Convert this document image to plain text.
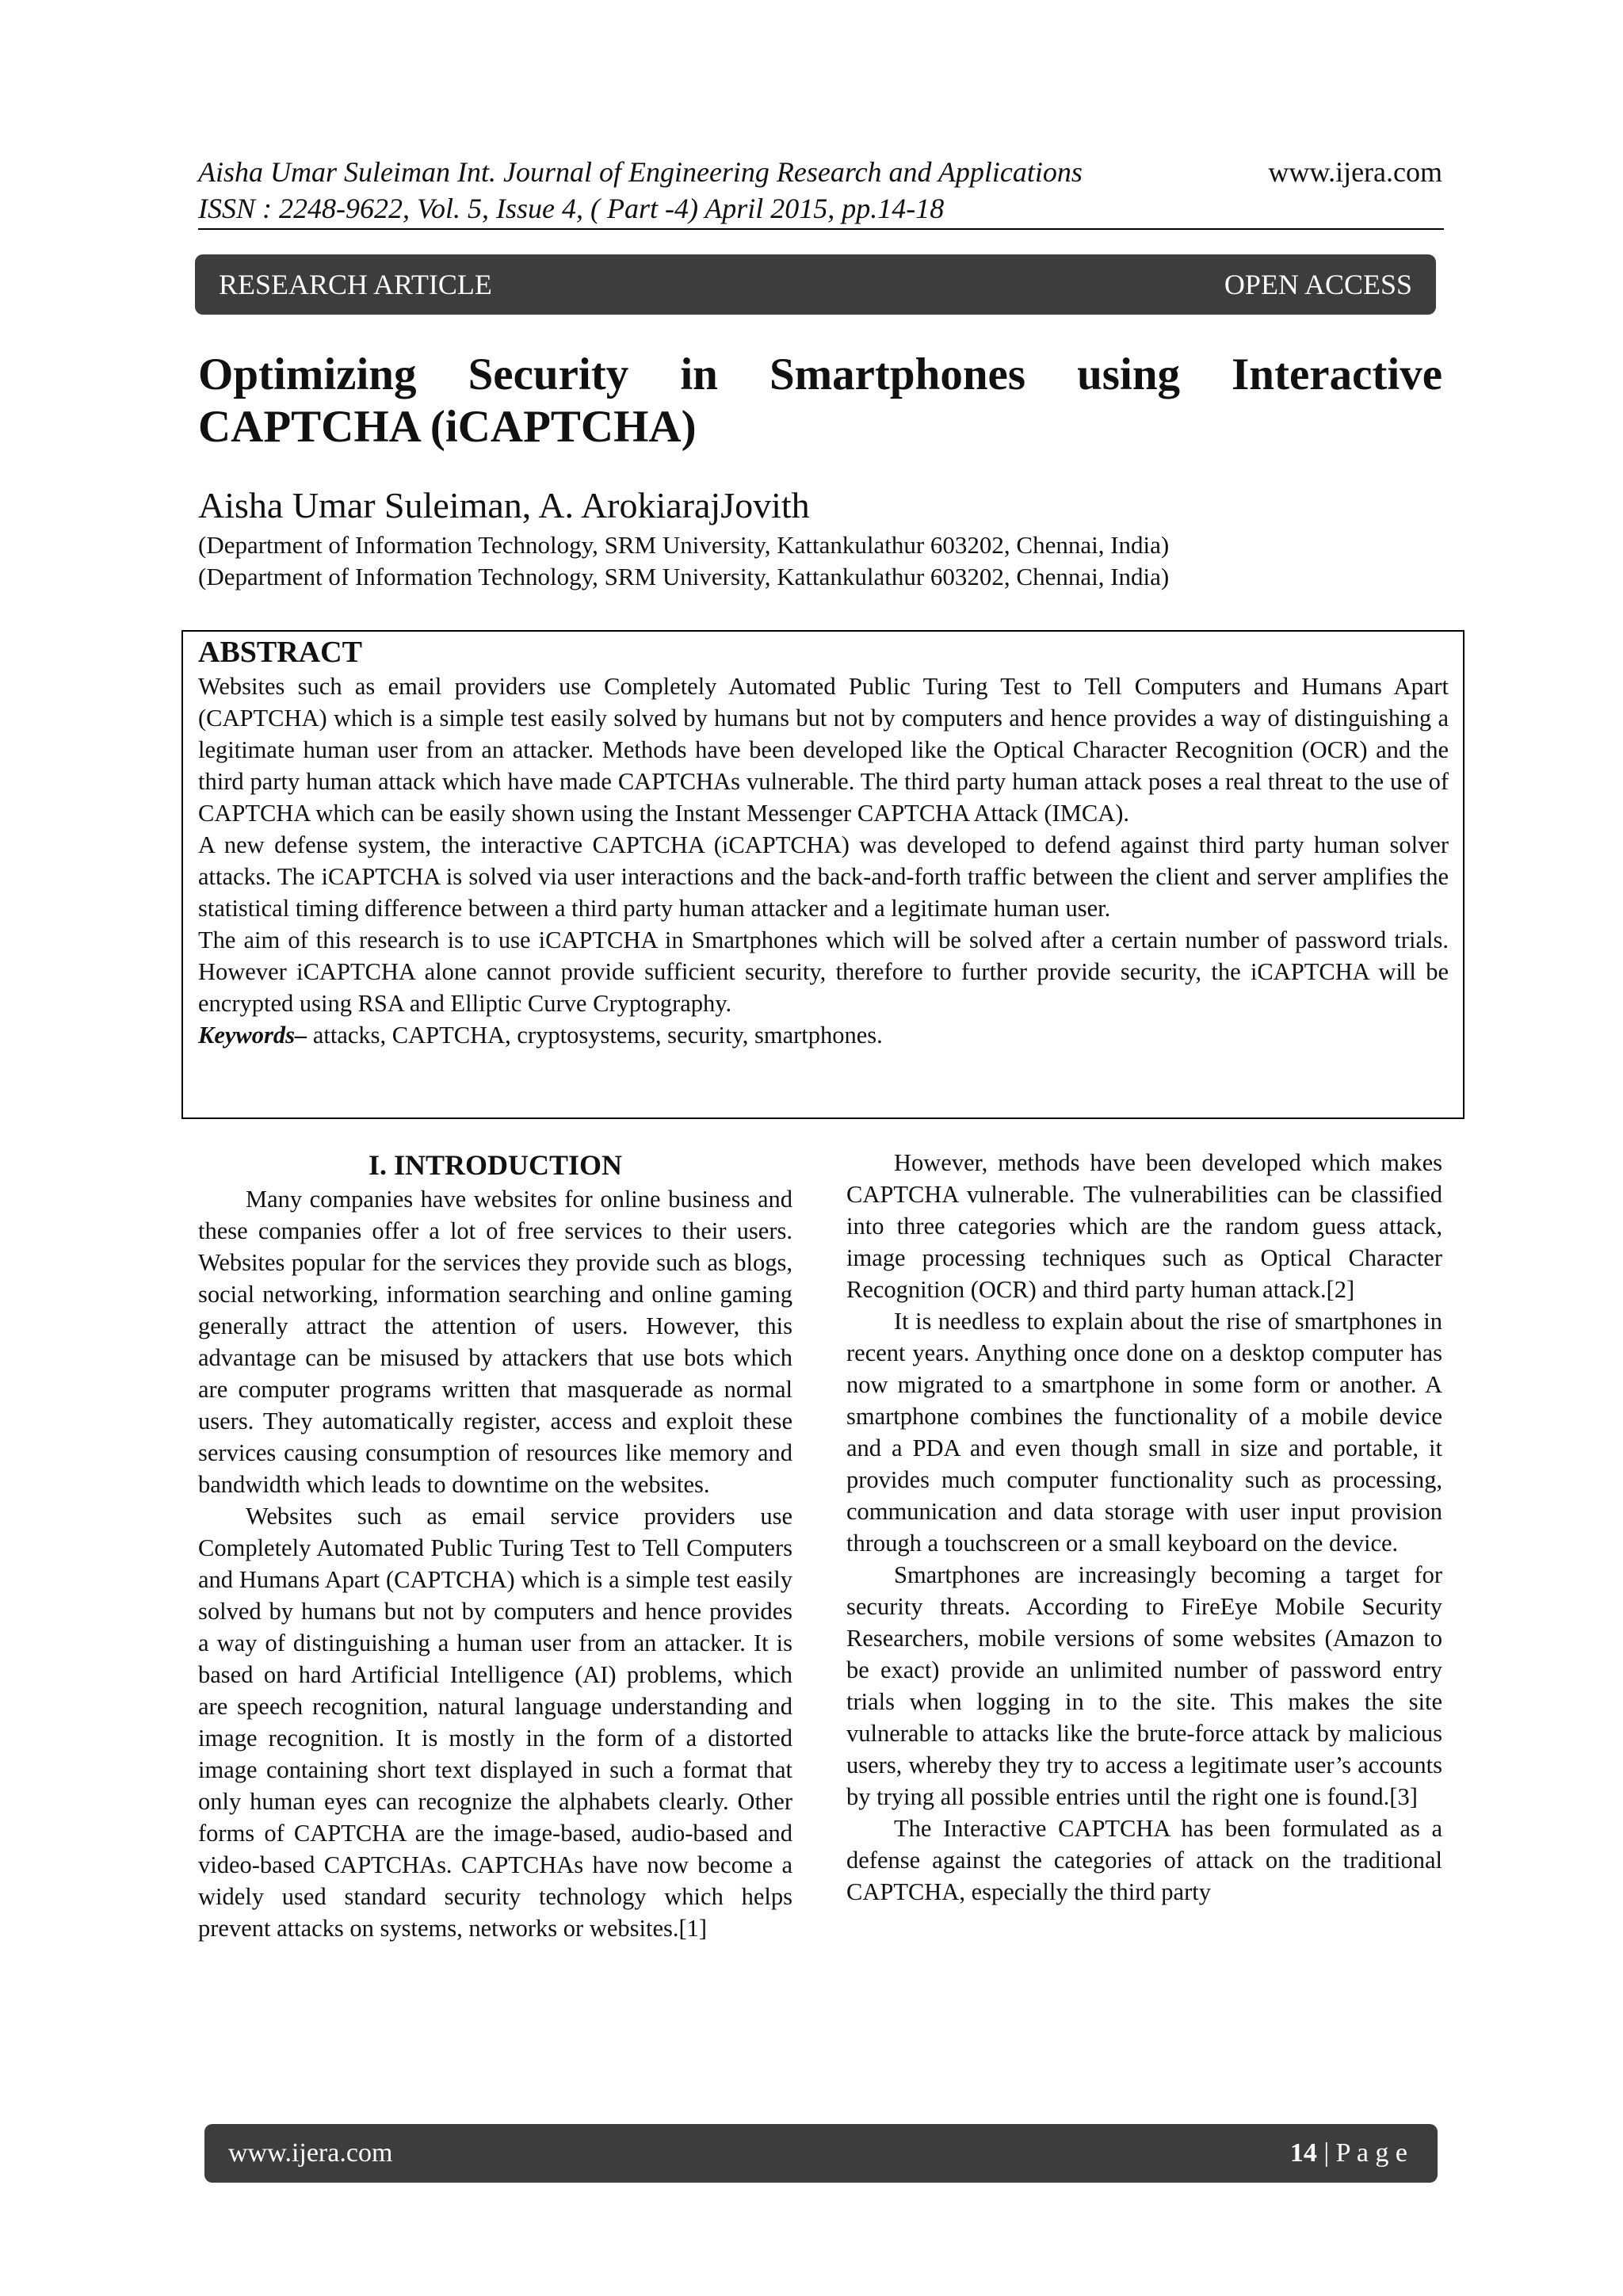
Aisha Umar Suleiman Int. Journal of Engineering Research and Applications
ISSN : 2248-9622, Vol. 5, Issue 4, ( Part -4) April 2015, pp.14-18
www.ijera.com
RESEARCH ARTICLE	OPEN ACCESS
Optimizing Security in Smartphones using Interactive CAPTCHA (iCAPTCHA)
Aisha Umar Suleiman, A. ArokiarajJovith
(Department of Information Technology, SRM University, Kattankulathur 603202, Chennai, India)
(Department of Information Technology, SRM University, Kattankulathur 603202, Chennai, India)
ABSTRACT

Websites such as email providers use Completely Automated Public Turing Test to Tell Computers and Humans Apart (CAPTCHA) which is a simple test easily solved by humans but not by computers and hence provides a way of distinguishing a legitimate human user from an attacker. Methods have been developed like the Optical Character Recognition (OCR) and the third party human attack which have made CAPTCHAs vulnerable. The third party human attack poses a real threat to the use of CAPTCHA which can be easily shown using the Instant Messenger CAPTCHA Attack (IMCA).

A new defense system, the interactive CAPTCHA (iCAPTCHA) was developed to defend against third party human solver attacks. The iCAPTCHA is solved via user interactions and the back-and-forth traffic between the client and server amplifies the statistical timing difference between a third party human attacker and a legitimate human user.

The aim of this research is to use iCAPTCHA in Smartphones which will be solved after a certain number of password trials. However iCAPTCHA alone cannot provide sufficient security, therefore to further provide security, the iCAPTCHA will be encrypted using RSA and Elliptic Curve Cryptography.

Keywords– attacks, CAPTCHA, cryptosystems, security, smartphones.

I. INTRODUCTION

Many companies have websites for online business and these companies offer a lot of free services to their users. Websites popular for the services they provide such as blogs, social networking, information searching and online gaming generally attract the attention of users. However, this advantage can be misused by attackers that use bots which are computer programs written that masquerade as normal users. They automatically register, access and exploit these services causing consumption of resources like memory and bandwidth which leads to downtime on the websites.

Websites such as email service providers use Completely Automated Public Turing Test to Tell Computers and Humans Apart (CAPTCHA) which is a simple test easily solved by humans but not by computers and hence provides a way of distinguishing a human user from an attacker. It is based on hard Artificial Intelligence (AI) problems, which are speech recognition, natural language understanding and image recognition. It is mostly in the form of a distorted image containing short text displayed in such a format that only human eyes can recognize the alphabets clearly. Other forms of CAPTCHA are the image-based, audio-based and video-based CAPTCHAs. CAPTCHAs have now become a widely used standard security technology which helps prevent attacks on systems, networks or websites.[1]

However, methods have been developed which makes CAPTCHA vulnerable. The vulnerabilities can be classified into three categories which are the random guess attack, image processing techniques such as Optical Character Recognition (OCR) and third party human attack.[2]

It is needless to explain about the rise of smartphones in recent years. Anything once done on a desktop computer has now migrated to a smartphone in some form or another. A smartphone combines the functionality of a mobile device and a PDA and even though small in size and portable, it provides much computer functionality such as processing, communication and data storage with user input provision through a touchscreen or a small keyboard on the device.

Smartphones are increasingly becoming a target for security threats. According to FireEye Mobile Security Researchers, mobile versions of some websites (Amazon to be exact) provide an unlimited number of password entry trials when logging in to the site. This makes the site vulnerable to attacks like the brute-force attack by malicious users, whereby they try to access a legitimate user’s accounts by trying all possible entries until the right one is found.[3]

The Interactive CAPTCHA has been formulated as a defense against the categories of attack on the traditional CAPTCHA, especially the third party

www.ijera.com	14 | P a g e
